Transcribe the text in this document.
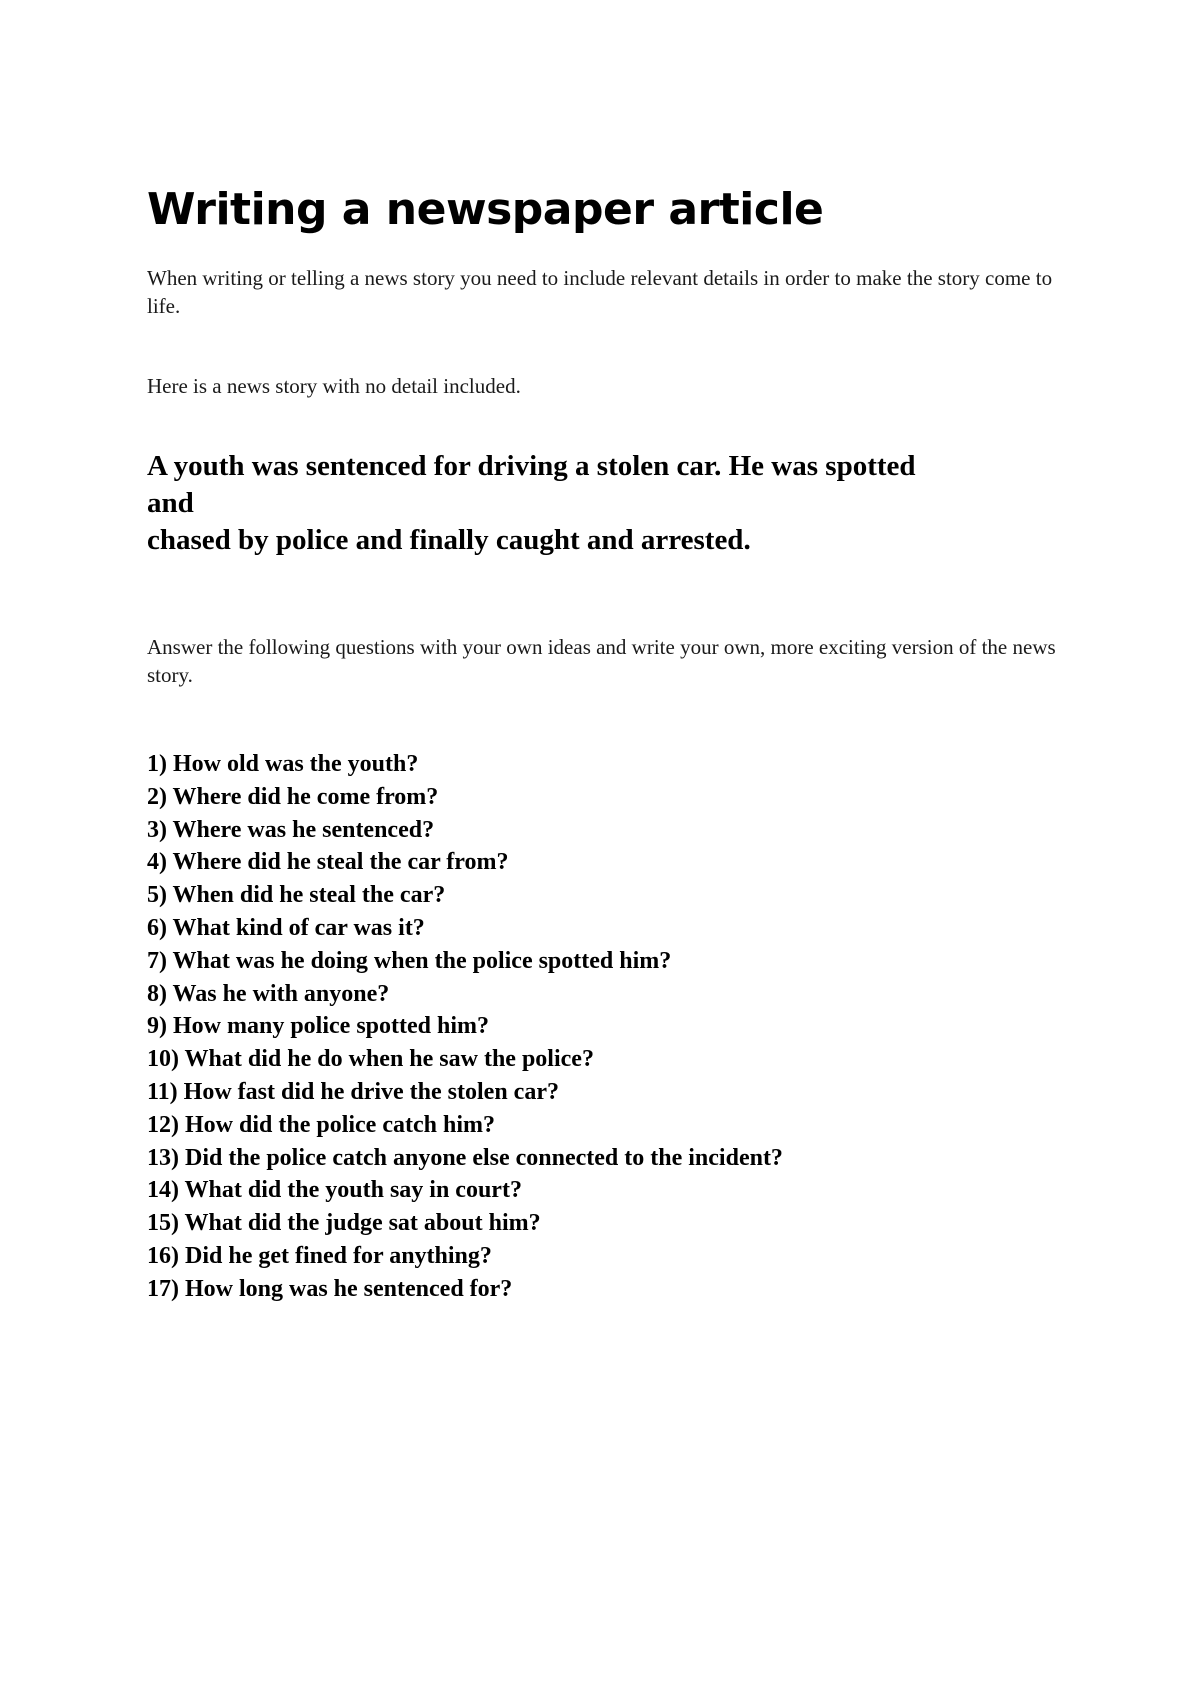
Writing a newspaper article

When writing or telling a news story you need to include relevant details in order to make the story come to life.

Here is a news story with no detail included.

A youth was sentenced for driving a stolen car. He was spotted
and
chased by police and finally caught and arrested.

Answer the following questions with your own ideas and write your own, more exciting version of the news story.

1) How old was the youth?
2) Where did he come from?
3) Where was he sentenced?
4) Where did he steal the car from?
5) When did he steal the car?
6) What kind of car was it?
7) What was he doing when the police spotted him?
8) Was he with anyone?
9) How many police spotted him?
10) What did he do when he saw the police?
11) How fast did he drive the stolen car?
12) How did the police catch him?
13) Did the police catch anyone else connected to the incident?
14) What did the youth say in court?
15) What did the judge sat about him?
16) Did he get fined for anything?
17) How long was he sentenced for?
